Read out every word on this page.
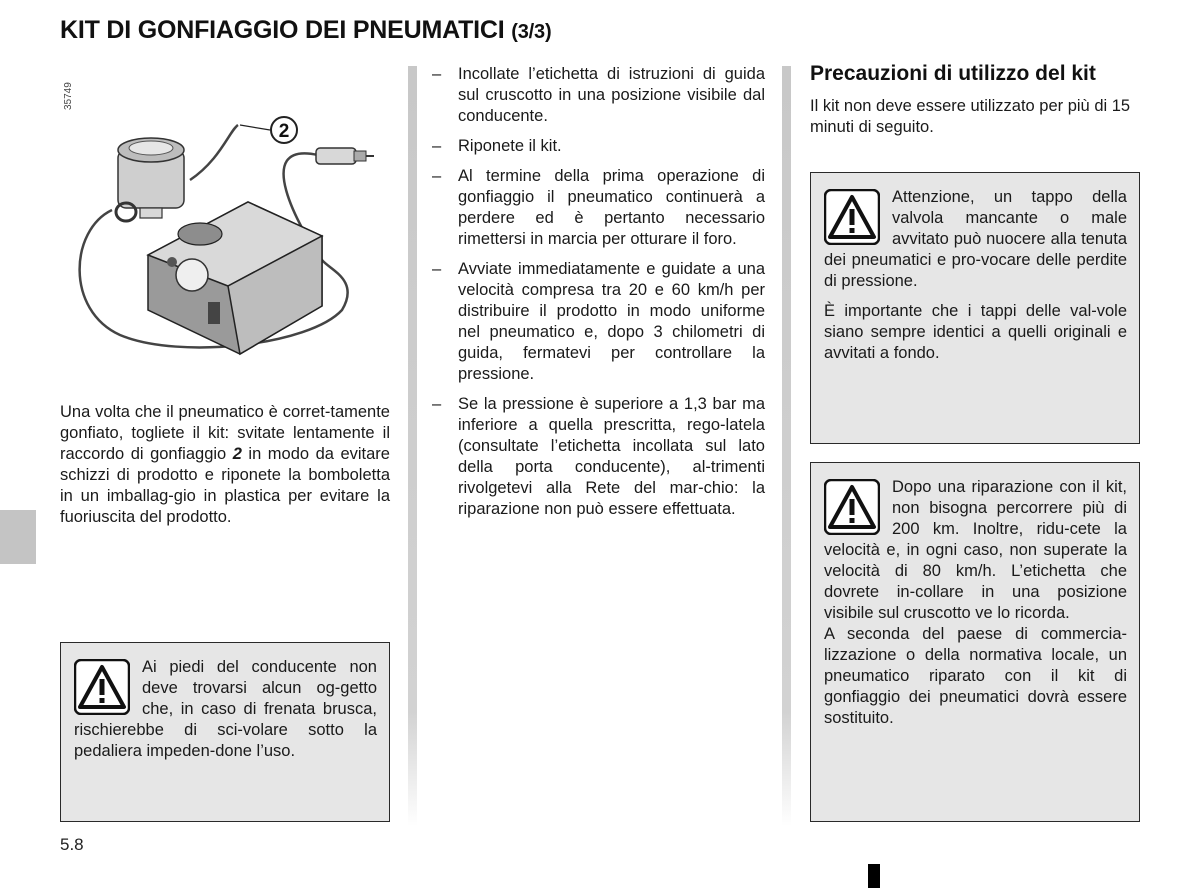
KIT DI GONFIAGGIO DEI PNEUMATICI (3/3)
35749
2
Una volta che il pneumatico è corret-tamente gonfiato, togliete il kit: svitate lentamente il raccordo di gonfiaggio 2 in modo da evitare schizzi di prodotto e riponete la bomboletta in un imballag-gio in plastica per evitare la fuoriuscita del prodotto.

Ai piedi del conducente non deve trovarsi alcun og-getto che, in caso di frenata brusca, rischierebbe di sci-volare sotto la pedaliera impeden-done l’uso.

– Incollate l’etichetta di istruzioni di guida sul cruscotto in una posizione visibile dal conducente.
– Riponete il kit.
– Al termine della prima operazione di gonfiaggio il pneumatico continuerà a perdere ed è pertanto necessario rimettersi in marcia per otturare il foro.
– Avviate immediatamente e guidate a una velocità compresa tra 20 e 60 km/h per distribuire il prodotto in modo uniforme nel pneumatico e, dopo 3 chilometri di guida, fermatevi per controllare la pressione.
– Se la pressione è superiore a 1,3 bar ma inferiore a quella prescritta, rego-latela (consultate l’etichetta incollata sul lato della porta conducente), al-trimenti rivolgetevi alla Rete del mar-chio: la riparazione non può essere effettuata.
Precauzioni di utilizzo del kit
Il kit non deve essere utilizzato per più di 15 minuti di seguito.

Attenzione, un tappo della valvola mancante o male avvitato può nuocere alla tenuta dei pneumatici e pro-vocare delle perdite di pressione.

È importante che i tappi delle val-vole siano sempre identici a quelli originali e avvitati a fondo.

Dopo una riparazione con il kit, non bisogna percorrere più di 200 km. Inoltre, ridu-cete la velocità e, in ogni caso, non superate la velocità di 80 km/h. L’etichetta che dovrete in-collare in una posizione visibile sul cruscotto ve lo ricorda.

A seconda del paese di commercia-lizzazione o della normativa locale, un pneumatico riparato con il kit di gonfiaggio dei pneumatici dovrà essere sostituito.

5.8
